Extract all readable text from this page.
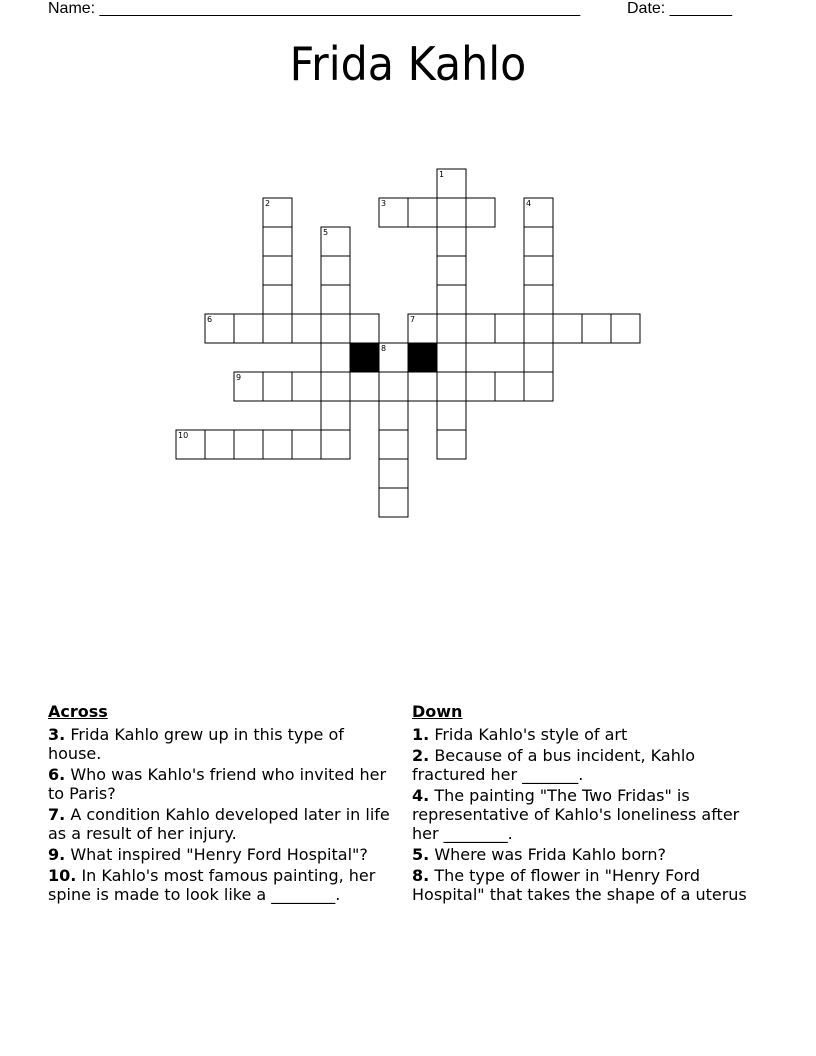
Name: ______________________________________________________	Date: _______
Frida Kahlo
3
6	7
9
10
1
2	4
5
8
Across
3. Frida Kahlo grew up in this type of house.
6. Who was Kahlo's friend who invited her to Paris?
7. A condition Kahlo developed later in life as a result of her injury.
9. What inspired "Henry Ford Hospital"?
10. In Kahlo's most famous painting, her spine is made to look like a ________.
Down
1. Frida Kahlo's style of art
2. Because of a bus incident, Kahlo fractured her _______.
4. The painting "The Two Fridas" is representative of Kahlo's loneliness after her ________.
5. Where was Frida Kahlo born?
8. The type of flower in "Henry Ford Hospital" that takes the shape of a uterus
